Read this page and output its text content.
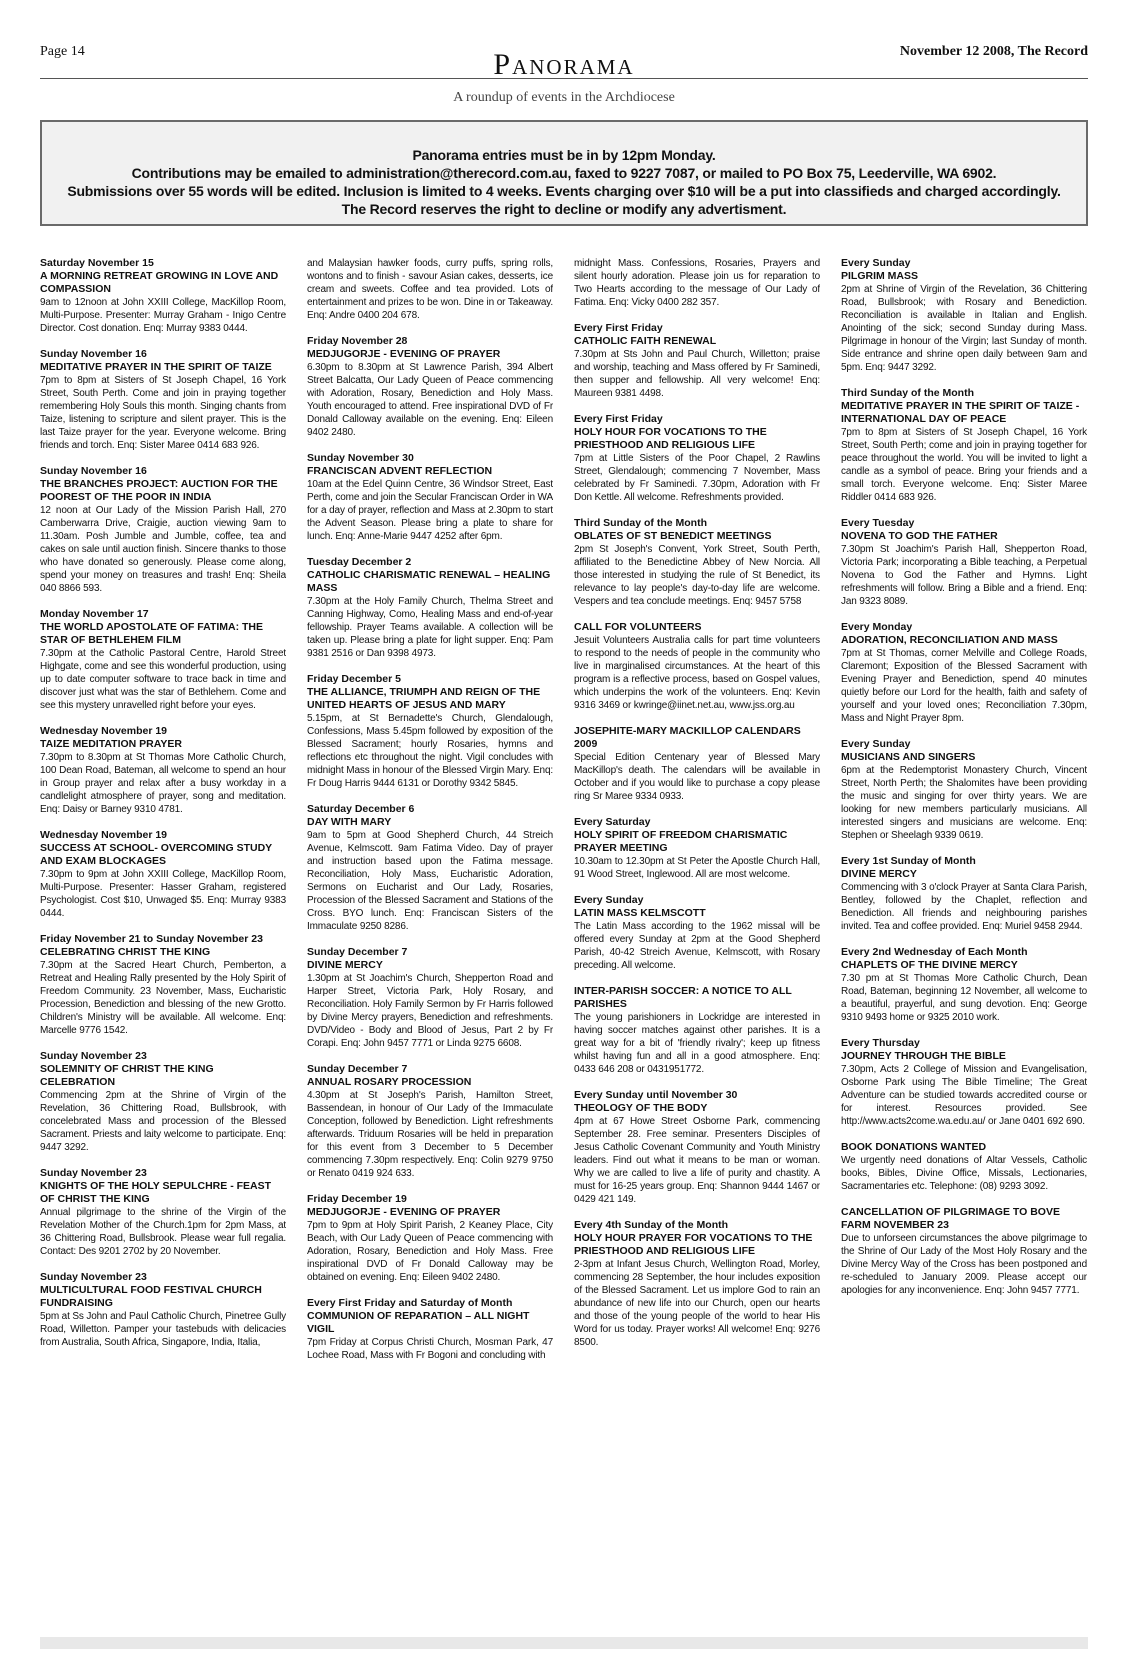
Page 14	Panorama	November 12 2008, The Record
A roundup of events in the Archdiocese

Panorama entries must be in by 12pm Monday.

Contributions may be emailed to administration@therecord.com.au, faxed to 9227 7087, or mailed to PO Box 75, Leederville, WA 6902.

Submissions over 55 words will be edited. Inclusion is limited to 4 weeks. Events charging over $10 will be a put into classifieds and charged accordingly.

The Record reserves the right to decline or modify any advertisment.

Saturday November 15
A MORNING RETREAT GROWING IN LOVE AND COMPASSION
9am to 12noon at John XXIII College, MacKillop Room, Multi-Purpose. Presenter: Murray Graham - Inigo Centre Director. Cost donation. Enq: Murray 9383 0444.
Sunday November 16
MEDITATIVE PRAYER IN THE SPIRIT OF TAIZE
7pm to 8pm at Sisters of St Joseph Chapel, 16 York Street, South Perth. Come and join in praying together remembering Holy Souls this month. Singing chants from Taize, listening to scripture and silent prayer. This is the last Taize prayer for the year. Everyone welcome. Bring friends and torch. Enq: Sister Maree 0414 683 926.
Sunday November 16
THE BRANCHES PROJECT: AUCTION FOR THE POOREST OF THE POOR IN INDIA
12 noon at Our Lady of the Mission Parish Hall, 270 Camberwarra Drive, Craigie, auction viewing 9am to 11.30am. Posh Jumble and Jumble, coffee, tea and cakes on sale until auction finish. Sincere thanks to those who have donated so generously. Please come along, spend your money on treasures and trash! Enq: Sheila 040 8866 593.
Monday November 17
THE WORLD APOSTOLATE OF FATIMA: THE STAR OF BETHLEHEM FILM
7.30pm at the Catholic Pastoral Centre, Harold Street Highgate, come and see this wonderful production, using up to date computer software to trace back in time and discover just what was the star of Bethlehem. Come and see this mystery unravelled right before your eyes.
Wednesday November 19
TAIZE MEDITATION PRAYER
7.30pm to 8.30pm at St Thomas More Catholic Church, 100 Dean Road, Bateman, all welcome to spend an hour in Group prayer and relax after a busy workday in a candlelight atmosphere of prayer, song and meditation. Enq: Daisy or Barney 9310 4781.
Wednesday November 19
SUCCESS AT SCHOOL- OVERCOMING STUDY AND EXAM BLOCKAGES
7.30pm to 9pm at John XXIII College, MacKillop Room, Multi-Purpose. Presenter: Hasser Graham, registered Psychologist. Cost $10, Unwaged $5. Enq: Murray 9383 0444.
Friday November 21 to Sunday November 23
CELEBRATING CHRIST THE KING
7.30pm at the Sacred Heart Church, Pemberton, a Retreat and Healing Rally presented by the Holy Spirit of Freedom Community. 23 November, Mass, Eucharistic Procession, Benediction and blessing of the new Grotto. Children's Ministry will be available. All welcome. Enq: Marcelle 9776 1542.
Sunday November 23
SOLEMNITY OF CHRIST THE KING CELEBRATION
Commencing 2pm at the Shrine of Virgin of the Revelation, 36 Chittering Road, Bullsbrook, with concelebrated Mass and procession of the Blessed Sacrament. Priests and laity welcome to participate. Enq: 9447 3292.
Sunday November 23
KNIGHTS OF THE HOLY SEPULCHRE - FEAST OF CHRIST THE KING
Annual pilgrimage to the shrine of the Virgin of the Revelation Mother of the Church.1pm for 2pm Mass, at 36 Chittering Road, Bullsbrook. Please wear full regalia. Contact: Des 9201 2702 by 20 November.
Sunday November 23
MULTICULTURAL FOOD FESTIVAL CHURCH FUNDRAISING
5pm at Ss John and Paul Catholic Church, Pinetree Gully Road, Willetton. Pamper your tastebuds with delicacies from Australia, South Africa, Singapore, India, Italia,
and Malaysian hawker foods, curry puffs, spring rolls, wontons and to finish - savour Asian cakes, desserts, ice cream and sweets. Coffee and tea provided. Lots of entertainment and prizes to be won. Dine in or Takeaway. Enq: Andre 0400 204 678.
Friday November 28
MEDJUGORJE - EVENING OF PRAYER
6.30pm to 8.30pm at St Lawrence Parish, 394 Albert Street Balcatta, Our Lady Queen of Peace commencing with Adoration, Rosary, Benediction and Holy Mass. Youth encouraged to attend. Free inspirational DVD of Fr Donald Calloway available on the evening. Enq: Eileen 9402 2480.
Sunday November 30
FRANCISCAN ADVENT REFLECTION
10am at the Edel Quinn Centre, 36 Windsor Street, East Perth, come and join the Secular Franciscan Order in WA for a day of prayer, reflection and Mass at 2.30pm to start the Advent Season. Please bring a plate to share for lunch. Enq: Anne-Marie 9447 4252 after 6pm.
Tuesday December 2
CATHOLIC CHARISMATIC RENEWAL – HEALING MASS
7.30pm at the Holy Family Church, Thelma Street and Canning Highway, Como, Healing Mass and end-of-year fellowship. Prayer Teams available. A collection will be taken up. Please bring a plate for light supper. Enq: Pam 9381 2516 or Dan 9398 4973.
Friday December 5
THE ALLIANCE, TRIUMPH AND REIGN OF THE UNITED HEARTS OF JESUS AND MARY
5.15pm, at St Bernadette's Church, Glendalough, Confessions, Mass 5.45pm followed by exposition of the Blessed Sacrament; hourly Rosaries, hymns and reflections etc throughout the night. Vigil concludes with midnight Mass in honour of the Blessed Virgin Mary. Enq: Fr Doug Harris 9444 6131 or Dorothy 9342 5845.
Saturday December 6
DAY WITH MARY
9am to 5pm at Good Shepherd Church, 44 Streich Avenue, Kelmscott. 9am Fatima Video. Day of prayer and instruction based upon the Fatima message. Reconciliation, Holy Mass, Eucharistic Adoration, Sermons on Eucharist and Our Lady, Rosaries, Procession of the Blessed Sacrament and Stations of the Cross. BYO lunch. Enq: Franciscan Sisters of the Immaculate 9250 8286.
Sunday December 7
DIVINE MERCY
1.30pm at St Joachim's Church, Shepperton Road and Harper Street, Victoria Park, Holy Rosary, and Reconciliation. Holy Family Sermon by Fr Harris followed by Divine Mercy prayers, Benediction and refreshments. DVD/Video - Body and Blood of Jesus, Part 2 by Fr Corapi. Enq: John 9457 7771 or Linda 9275 6608.
Sunday December 7
ANNUAL ROSARY PROCESSION
4.30pm at St Joseph's Parish, Hamilton Street, Bassendean, in honour of Our Lady of the Immaculate Conception, followed by Benediction. Light refreshments afterwards. Triduum Rosaries will be held in preparation for this event from 3 December to 5 December commencing 7.30pm respectively. Enq: Colin 9279 9750 or Renato 0419 924 633.
Friday December 19
MEDJUGORJE - EVENING OF PRAYER
7pm to 9pm at Holy Spirit Parish, 2 Keaney Place, City Beach, with Our Lady Queen of Peace commencing with Adoration, Rosary, Benediction and Holy Mass. Free inspirational DVD of Fr Donald Calloway may be obtained on evening. Enq: Eileen 9402 2480.
Every First Friday and Saturday of Month
COMMUNION OF REPARATION – ALL NIGHT VIGIL
7pm Friday at Corpus Christi Church, Mosman Park, 47 Lochee Road, Mass with Fr Bogoni and concluding with
midnight Mass. Confessions, Rosaries, Prayers and silent hourly adoration. Please join us for reparation to Two Hearts according to the message of Our Lady of Fatima. Enq: Vicky 0400 282 357.
Every First Friday
CATHOLIC FAITH RENEWAL
7.30pm at Sts John and Paul Church, Willetton; praise and worship, teaching and Mass offered by Fr Saminedi, then supper and fellowship. All very welcome! Enq: Maureen 9381 4498.
Every First Friday
HOLY HOUR FOR VOCATIONS TO THE PRIESTHOOD AND RELIGIOUS LIFE
7pm at Little Sisters of the Poor Chapel, 2 Rawlins Street, Glendalough; commencing 7 November, Mass celebrated by Fr Saminedi. 7.30pm, Adoration with Fr Don Kettle. All welcome. Refreshments provided.
Third Sunday of the Month
OBLATES OF ST BENEDICT MEETINGS
2pm St Joseph's Convent, York Street, South Perth, affiliated to the Benedictine Abbey of New Norcia. All those interested in studying the rule of St Benedict, its relevance to lay people's day-to-day life are welcome. Vespers and tea conclude meetings. Enq: 9457 5758
CALL FOR VOLUNTEERS
Jesuit Volunteers Australia calls for part time volunteers to respond to the needs of people in the community who live in marginalised circumstances. At the heart of this program is a reflective process, based on Gospel values, which underpins the work of the volunteers. Enq: Kevin 9316 3469 or kwringe@iinet.net.au, www.jss.org.au
JOSEPHITE-MARY MACKILLOP CALENDARS 2009
Special Edition Centenary year of Blessed Mary MacKillop's death. The calendars will be available in October and if you would like to purchase a copy please ring Sr Maree 9334 0933.
Every Saturday
HOLY SPIRIT OF FREEDOM CHARISMATIC PRAYER MEETING
10.30am to 12.30pm at St Peter the Apostle Church Hall, 91 Wood Street, Inglewood. All are most welcome.
Every Sunday
LATIN MASS KELMSCOTT
The Latin Mass according to the 1962 missal will be offered every Sunday at 2pm at the Good Shepherd Parish, 40-42 Streich Avenue, Kelmscott, with Rosary preceding. All welcome.
INTER-PARISH SOCCER: A NOTICE TO ALL PARISHES
The young parishioners in Lockridge are interested in having soccer matches against other parishes. It is a great way for a bit of 'friendly rivalry'; keep up fitness whilst having fun and all in a good atmosphere. Enq: 0433 646 208 or 0431951772.
Every Sunday until November 30
THEOLOGY OF THE BODY
4pm at 67 Howe Street Osborne Park, commencing September 28. Free seminar. Presenters Disciples of Jesus Catholic Covenant Community and Youth Ministry leaders. Find out what it means to be man or woman. Why we are called to live a life of purity and chastity. A must for 16-25 years group. Enq: Shannon 9444 1467 or 0429 421 149.
Every 4th Sunday of the Month
HOLY HOUR PRAYER FOR VOCATIONS TO THE PRIESTHOOD AND RELIGIOUS LIFE
2-3pm at Infant Jesus Church, Wellington Road, Morley, commencing 28 September, the hour includes exposition of the Blessed Sacrament. Let us implore God to rain an abundance of new life into our Church, open our hearts and those of the young people of the world to hear His Word for us today. Prayer works! All welcome! Enq: 9276 8500.
Every Sunday
PILGRIM MASS
2pm at Shrine of Virgin of the Revelation, 36 Chittering Road, Bullsbrook; with Rosary and Benediction. Reconciliation is available in Italian and English. Anointing of the sick; second Sunday during Mass. Pilgrimage in honour of the Virgin; last Sunday of month. Side entrance and shrine open daily between 9am and 5pm. Enq: 9447 3292.
Third Sunday of the Month
MEDITATIVE PRAYER IN THE SPIRIT OF TAIZE - INTERNATIONAL DAY OF PEACE
7pm to 8pm at Sisters of St Joseph Chapel, 16 York Street, South Perth; come and join in praying together for peace throughout the world. You will be invited to light a candle as a symbol of peace. Bring your friends and a small torch. Everyone welcome. Enq: Sister Maree Riddler 0414 683 926.
Every Tuesday
NOVENA TO GOD THE FATHER
7.30pm St Joachim's Parish Hall, Shepperton Road, Victoria Park; incorporating a Bible teaching, a Perpetual Novena to God the Father and Hymns. Light refreshments will follow. Bring a Bible and a friend. Enq: Jan 9323 8089.
Every Monday
ADORATION, RECONCILIATION AND MASS
7pm at St Thomas, corner Melville and College Roads, Claremont; Exposition of the Blessed Sacrament with Evening Prayer and Benediction, spend 40 minutes quietly before our Lord for the health, faith and safety of yourself and your loved ones; Reconciliation 7.30pm, Mass and Night Prayer 8pm.
Every Sunday
MUSICIANS AND SINGERS
6pm at the Redemptorist Monastery Church, Vincent Street, North Perth; the Shalomites have been providing the music and singing for over thirty years. We are looking for new members particularly musicians. All interested singers and musicians are welcome. Enq: Stephen or Sheelagh 9339 0619.
Every 1st Sunday of Month
DIVINE MERCY
Commencing with 3 o'clock Prayer at Santa Clara Parish, Bentley, followed by the Chaplet, reflection and Benediction. All friends and neighbouring parishes invited. Tea and coffee provided. Enq: Muriel 9458 2944.
Every 2nd Wednesday of Each Month
CHAPLETS OF THE DIVINE MERCY
7.30 pm at St Thomas More Catholic Church, Dean Road, Bateman, beginning 12 November, all welcome to a beautiful, prayerful, and sung devotion. Enq: George 9310 9493 home or 9325 2010 work.
Every Thursday
JOURNEY THROUGH THE BIBLE
7.30pm, Acts 2 College of Mission and Evangelisation, Osborne Park using The Bible Timeline; The Great Adventure can be studied towards accredited course or for interest. Resources provided. See http://www.acts2come.wa.edu.au/ or Jane 0401 692 690.
BOOK DONATIONS WANTED
We urgently need donations of Altar Vessels, Catholic books, Bibles, Divine Office, Missals, Lectionaries, Sacramentaries etc. Telephone: (08) 9293 3092.
CANCELLATION OF PILGRIMAGE TO BOVE FARM NOVEMBER 23
Due to unforseen circumstances the above pilgrimage to the Shrine of Our Lady of the Most Holy Rosary and the Divine Mercy Way of the Cross has been postponed and re-scheduled to January 2009. Please accept our apologies for any inconvenience. Enq: John 9457 7771.
